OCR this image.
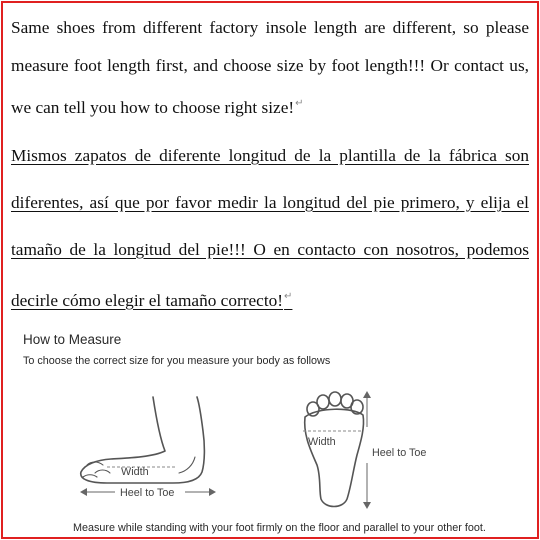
Same shoes from different factory insole length are different, so please measure foot length first, and choose size by foot length!!! Or contact us, we can tell you how to choose right size!↵
Mismos zapatos de diferente longitud de la plantilla de la fábrica son diferentes, así que por favor medir la longitud del pie primero, y elija el tamaño de la longitud del pie!!! O en contacto con nosotros, podemos decirle cómo elegir el tamaño correcto!↵
How to Measure
To choose the correct size for you measure your body as follows
Width
Heel to Toe
Width
Heel to Toe
Measure while standing with your foot firmly on the floor and parallel to your other foot.
